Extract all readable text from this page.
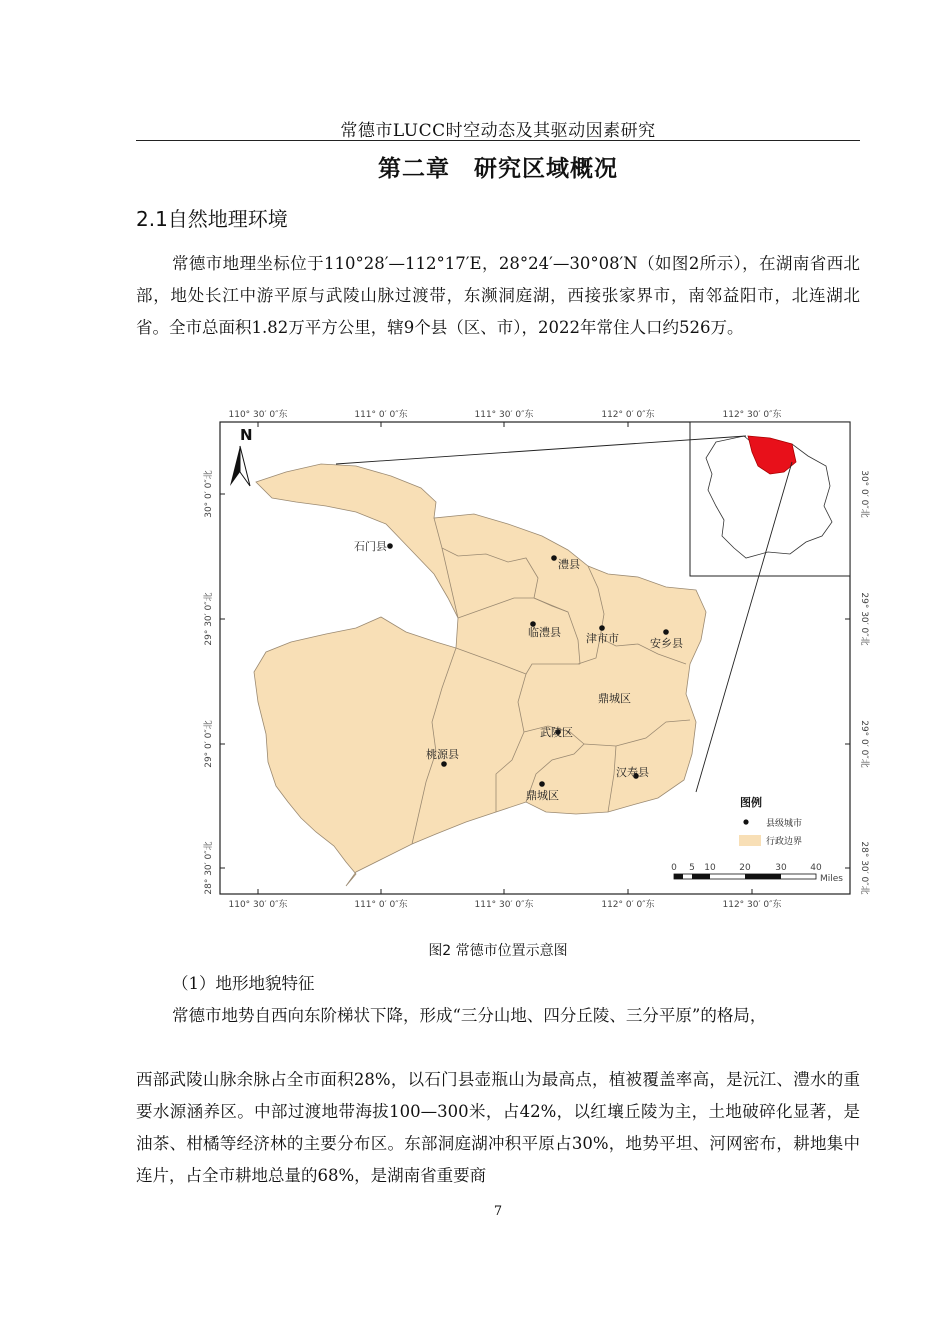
常德市LUCC时空动态及其驱动因素研究
第二章　研究区域概况
2.1自然地理环境

常德市地理坐标位于110°28′—112°17′E，28°24′—30°08′N（如图2所示），在湖南省西北部，地处长江中游平原与武陵山脉过渡带，东濒洞庭湖，西接张家界市，南邻益阳市，北连湖北省。全市总面积1.82万平方公里，辖9个县（区、市），2022年常住人口约526万。

110° 30′ 0″东	111° 0′ 0″东	111° 30′ 0″东	112° 0′ 0″东	112° 30′ 0″东
110° 30′ 0″东	111° 0′ 0″东	111° 30′ 0″东	112° 0′ 0″东	112° 30′ 0″东
30° 0′ 0″北
29° 30′ 0″北
29° 0′ 0″北
28° 30′ 0″北
30° 0′ 0″北
29° 30′ 0″北
29° 0′ 0″北
28° 30′ 0″北
N
石门县
澧县
临澧县 津市市	安乡县
鼎城区
武陵区
桃源县
汉寿县
鼎城区
图例
县级城市
行政边界
0 5 10	20	30	40
Miles
图2 常德市位置示意图
（1）地形地貌特征

常德市地势自西向东阶梯状下降，形成“三分山地、四分丘陵、三分平原”的格局，

西部武陵山脉余脉占全市面积28%，以石门县壶瓶山为最高点，植被覆盖率高，是沅江、澧水的重要水源涵养区。中部过渡地带海拔100—300米，占42%，以红壤丘陵为主，土地破碎化显著，是油茶、柑橘等经济林的主要分布区。东部洞庭湖冲积平原占30%，地势平坦、河网密布，耕地集中连片，占全市耕地总量的68%，是湖南省重要商

7
